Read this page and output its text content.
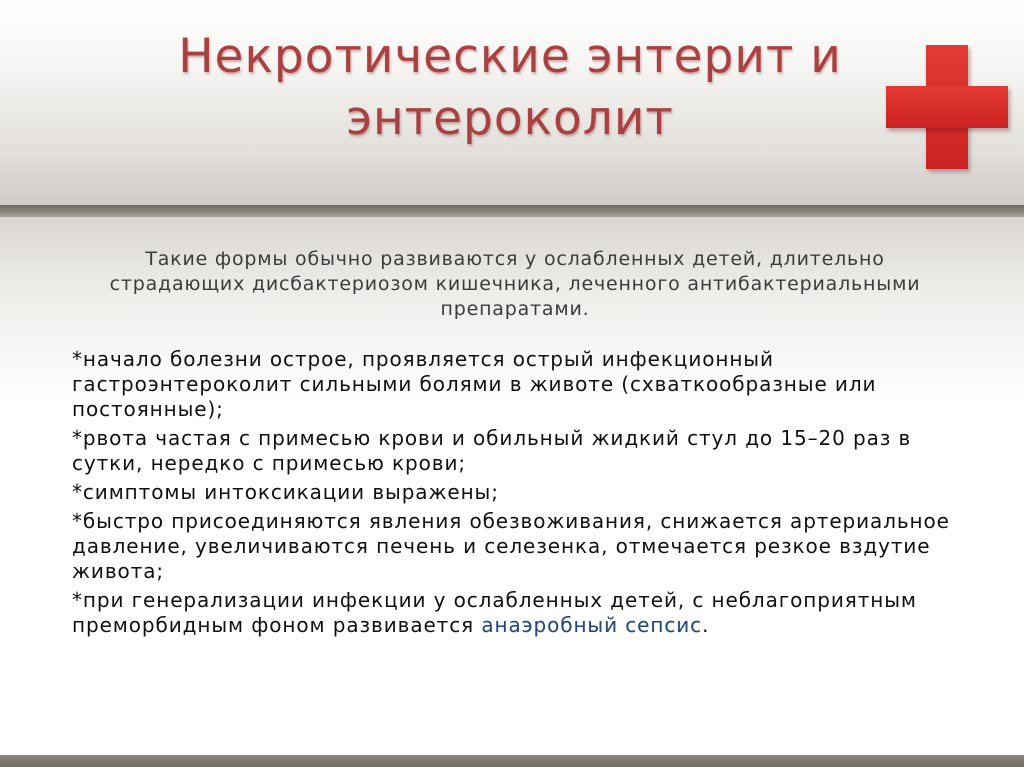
Некротические энтерит и энтероколит
Такие формы обычно развиваются у ослабленных детей, длительно страдающих дисбактериозом кишечника, леченного антибактериальными препаратами.
*начало болезни острое, проявляется острый инфекционный гастроэнтероколит сильными болями в животе (схваткообразные или постоянные);
*рвота частая с примесью крови и обильный жидкий стул до 15–20 раз в сутки, нередко с примесью крови;
*симптомы интоксикации выражены;
*быстро присоединяются явления обезвоживания, снижается артериальное давление, увеличиваются печень и селезенка, отмечается резкое вздутие живота;
*при генерализации инфекции у ослабленных детей, с неблагоприятным преморбидным фоном развивается анаэробный сепсис.
